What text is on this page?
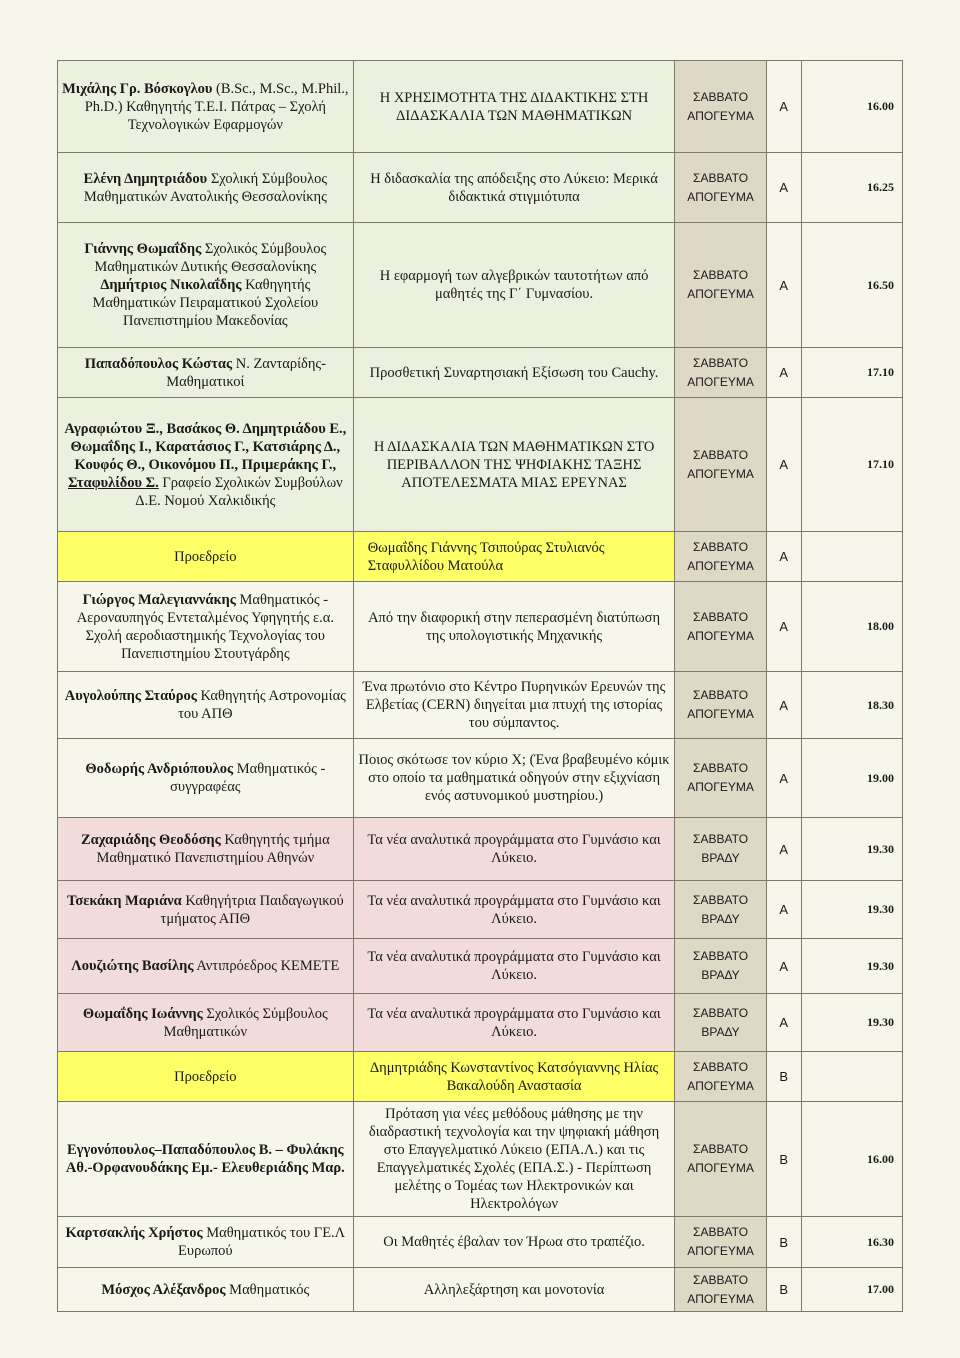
Μιχάλης Γρ. Βόσκογλου (B.Sc., M.Sc., M.Phil., Ph.D.) Καθηγητής Τ.Ε.Ι. Πάτρας – Σχολή Τεχνολογικών Εφαρμογών	Η ΧΡΗΣΙΜΟΤΗΤΑ ΤΗΣ ΔΙΔΑΚΤΙΚΗΣ ΣΤΗ ΔΙΔΑΣΚΑΛΙΑ ΤΩΝ ΜΑΘΗΜΑΤΙΚΩΝ	ΣΑΒΒΑΤΟ
ΑΠΟΓΕΥΜΑ	Α	16.00
Ελένη Δημητριάδου Σχολική Σύμβουλος Μαθηματικών Ανατολικής Θεσσαλονίκης	Η διδασκαλία της απόδειξης στο Λύκειο: Μερικά διδακτικά στιγμιότυπα	ΣΑΒΒΑΤΟ
ΑΠΟΓΕΥΜΑ	Α	16.25
Γιάννης Θωμαΐδης Σχολικός Σύμβουλος Μαθηματικών Δυτικής Θεσσαλονίκης Δημήτριος Νικολαΐδης Καθηγητής Μαθηματικών Πειραματικού Σχολείου Πανεπιστημίου Μακεδονίας	Η εφαρμογή των αλγεβρικών ταυτοτήτων από μαθητές της Γ΄ Γυμνασίου.	ΣΑΒΒΑΤΟ
ΑΠΟΓΕΥΜΑ	Α	16.50
Παπαδόπουλος Κώστας Ν. Ζανταρίδης- Μαθηματικοί	Προσθετική Συναρτησιακή Εξίσωση του Cauchy.	ΣΑΒΒΑΤΟ
ΑΠΟΓΕΥΜΑ	Α	17.10
Αγραφιώτου Ξ., Βασάκος Θ. Δημητριάδου Ε., Θωμαΐδης Ι., Καρατάσιος Γ., Κατσιάρης Δ., Κουφός Θ., Οικονόμου Π., Πριμεράκης Γ., Σταφυλίδου Σ. Γραφείο Σχολικών Συμβούλων Δ.Ε. Νομού Χαλκιδικής	Η ΔΙΔΑΣΚΑΛΙΑ ΤΩΝ ΜΑΘΗΜΑΤΙΚΩΝ ΣΤΟ ΠΕΡΙΒΑΛΛΟΝ ΤΗΣ ΨΗΦΙΑΚΗΣ ΤΑΞΗΣ ΑΠΟΤΕΛΕΣΜΑΤΑ ΜΙΑΣ ΕΡΕΥΝΑΣ	ΣΑΒΒΑΤΟ
ΑΠΟΓΕΥΜΑ	Α	17.10
Προεδρείο	Θωμαΐδης Γιάννης Τσιπούρας Στυλιανός Σταφυλλίδου Ματούλα	ΣΑΒΒΑΤΟ
ΑΠΟΓΕΥΜΑ	Α	
Γιώργος Μαλεγιαννάκης Μαθηματικός - Αεροναυπηγός Εντεταλμένος Υφηγητής ε.α. Σχολή αεροδιαστημικής Τεχνολογίας του Πανεπιστημίου Στουτγάρδης	Από την διαφορική στην πεπερασμένη διατύπωση της υπολογιστικής Μηχανικής	ΣΑΒΒΑΤΟ
ΑΠΟΓΕΥΜΑ	Α	18.00
Αυγολούπης Σταύρος Καθηγητής Αστρονομίας του ΑΠΘ	Ένα πρωτόνιο στο Κέντρο Πυρηνικών Ερευνών της Ελβετίας (CERN) διηγείται μια πτυχή της ιστορίας του σύμπαντος.	ΣΑΒΒΑΤΟ
ΑΠΟΓΕΥΜΑ	Α	18.30
Θοδωρής Ανδριόπουλος Μαθηματικός - συγγραφέας	Ποιος σκότωσε τον κύριο Χ; (Ένα βραβευμένο κόμικ στο οποίο τα μαθηματικά οδηγούν στην εξιχνίαση ενός αστυνομικού μυστηρίου.)	ΣΑΒΒΑΤΟ
ΑΠΟΓΕΥΜΑ	Α	19.00
Ζαχαριάδης Θεοδόσης Καθηγητής τμήμα Μαθηματικό Πανεπιστημίου Αθηνών	Τα νέα αναλυτικά προγράμματα στο Γυμνάσιο και Λύκειο.	ΣΑΒΒΑΤΟ
ΒΡΑΔΥ	Α	19.30
Τσεκάκη Μαριάνα Καθηγήτρια Παιδαγωγικού τμήματος ΑΠΘ	Τα νέα αναλυτικά προγράμματα στο Γυμνάσιο και Λύκειο.	ΣΑΒΒΑΤΟ
ΒΡΑΔΥ	Α	19.30
Λουζιώτης Βασίλης Αντιπρόεδρος ΚΕΜΕΤΕ	Τα νέα αναλυτικά προγράμματα στο Γυμνάσιο και Λύκειο.	ΣΑΒΒΑΤΟ
ΒΡΑΔΥ	Α	19.30
Θωμαΐδης Ιωάννης Σχολικός Σύμβουλος Μαθηματικών	Τα νέα αναλυτικά προγράμματα στο Γυμνάσιο και Λύκειο.	ΣΑΒΒΑΤΟ
ΒΡΑΔΥ	Α	19.30
Προεδρείο	Δημητριάδης Κωνσταντίνος Κατσόγιαννης Ηλίας Βακαλούδη Αναστασία	ΣΑΒΒΑΤΟ
ΑΠΟΓΕΥΜΑ	Β	
Εγγονόπουλος–Παπαδόπουλος Β. – Φυλάκης Αθ.-Ορφανουδάκης Εμ.- Ελευθεριάδης Μαρ.	Πρόταση για νέες μεθόδους μάθησης με την διαδραστική τεχνολογία και την ψηφιακή μάθηση στο Επαγγελματικό Λύκειο (ΕΠΑ.Λ.) και τις Επαγγελματικές Σχολές (ΕΠΑ.Σ.) - Περίπτωση μελέτης ο Τομέας των Ηλεκτρονικών και Ηλεκτρολόγων	ΣΑΒΒΑΤΟ
ΑΠΟΓΕΥΜΑ	Β	16.00
Καρτσακλής Χρήστος Μαθηματικός του ΓΕ.Λ Ευρωπού	Οι Μαθητές έβαλαν τον Ήρωα στο τραπέζιο.	ΣΑΒΒΑΤΟ
ΑΠΟΓΕΥΜΑ	Β	16.30
Μόσχος Αλέξανδρος Μαθηματικός	Αλληλεξάρτηση και μονοτονία	ΣΑΒΒΑΤΟ
ΑΠΟΓΕΥΜΑ	Β	17.00
